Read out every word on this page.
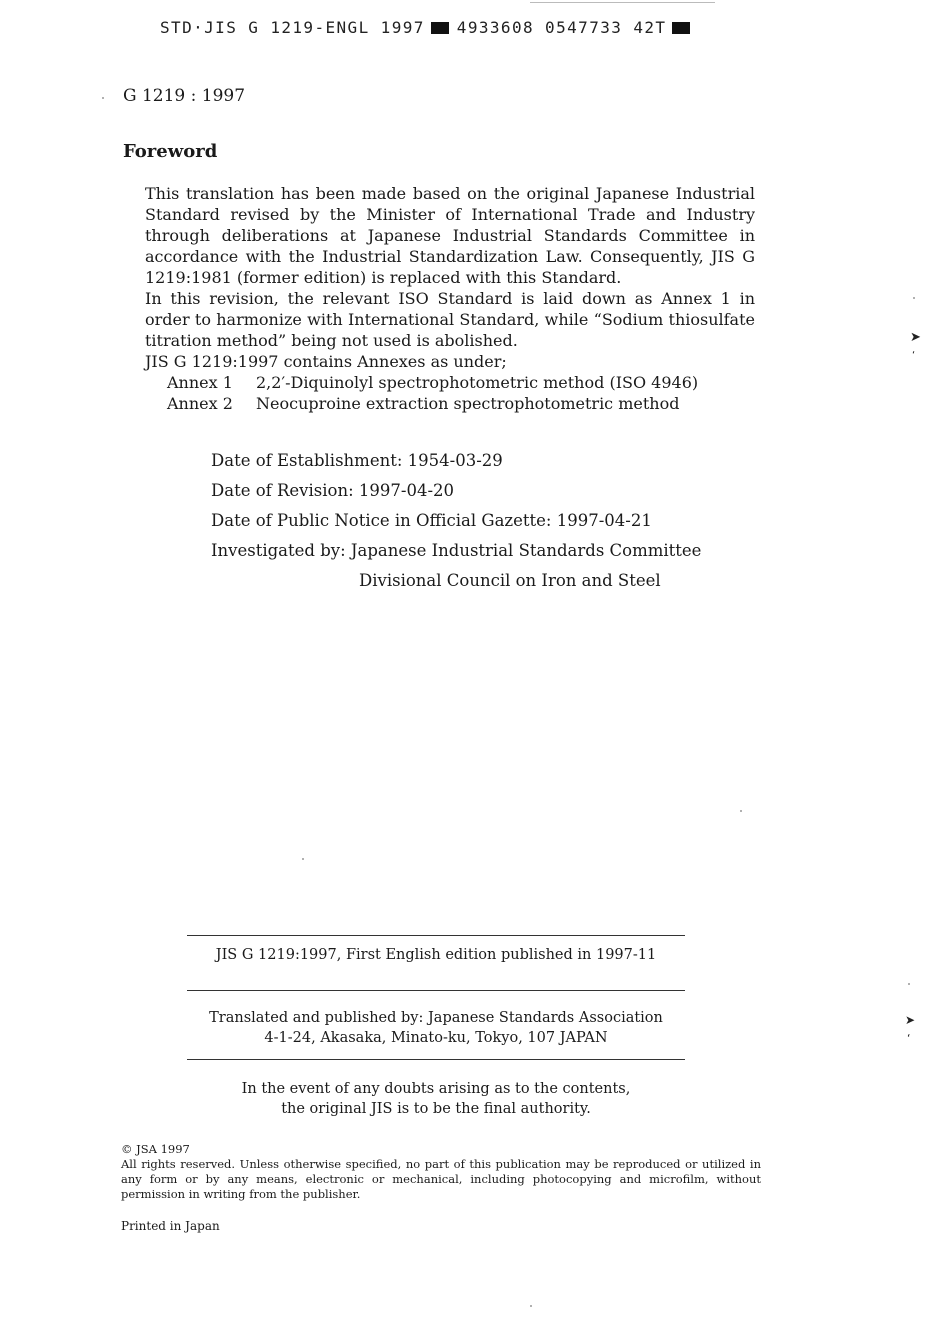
STD·JIS G 1219-ENGL 1997 4933608 0547733 42T
G 1219 : 1997
Foreword

This translation has been made based on the original Japanese Industrial Standard revised by the Minister of International Trade and Industry through deliberations at Japanese Industrial Standards Committee in accordance with the Industrial Standardization Law. Consequently, JIS G 1219:1981 (former edition) is replaced with this Standard.

In this revision, the relevant ISO Standard is laid down as Annex 1 in order to harmonize with International Standard, while “Sodium thiosulfate titration method” being not used is abolished.

JIS G 1219:1997 contains Annexes as under;

Annex 1 2,2′-Diquinolyl spectrophotometric method (ISO 4946)
Annex 2 Neocuproine extraction spectrophotometric method
Date of Establishment: 1954-03-29
Date of Revision: 1997-04-20
Date of Public Notice in Official Gazette: 1997-04-21
Investigated by: Japanese Industrial Standards Committee
Divisional Council on Iron and Steel
JIS G 1219:1997, First English edition published in 1997-11
Translated and published by: Japanese Standards Association
4-1-24, Akasaka, Minato-ku, Tokyo, 107 JAPAN
In the event of any doubts arising as to the contents,
the original JIS is to be the final authority.

© JSA 1997

All rights reserved. Unless otherwise specified, no part of this publication may be reproduced or utilized in any form or by any means, electronic or mechanical, including photocopying and microfilm, without permission in writing from the publisher.

Printed in Japan
➤
‘
➤
‘
